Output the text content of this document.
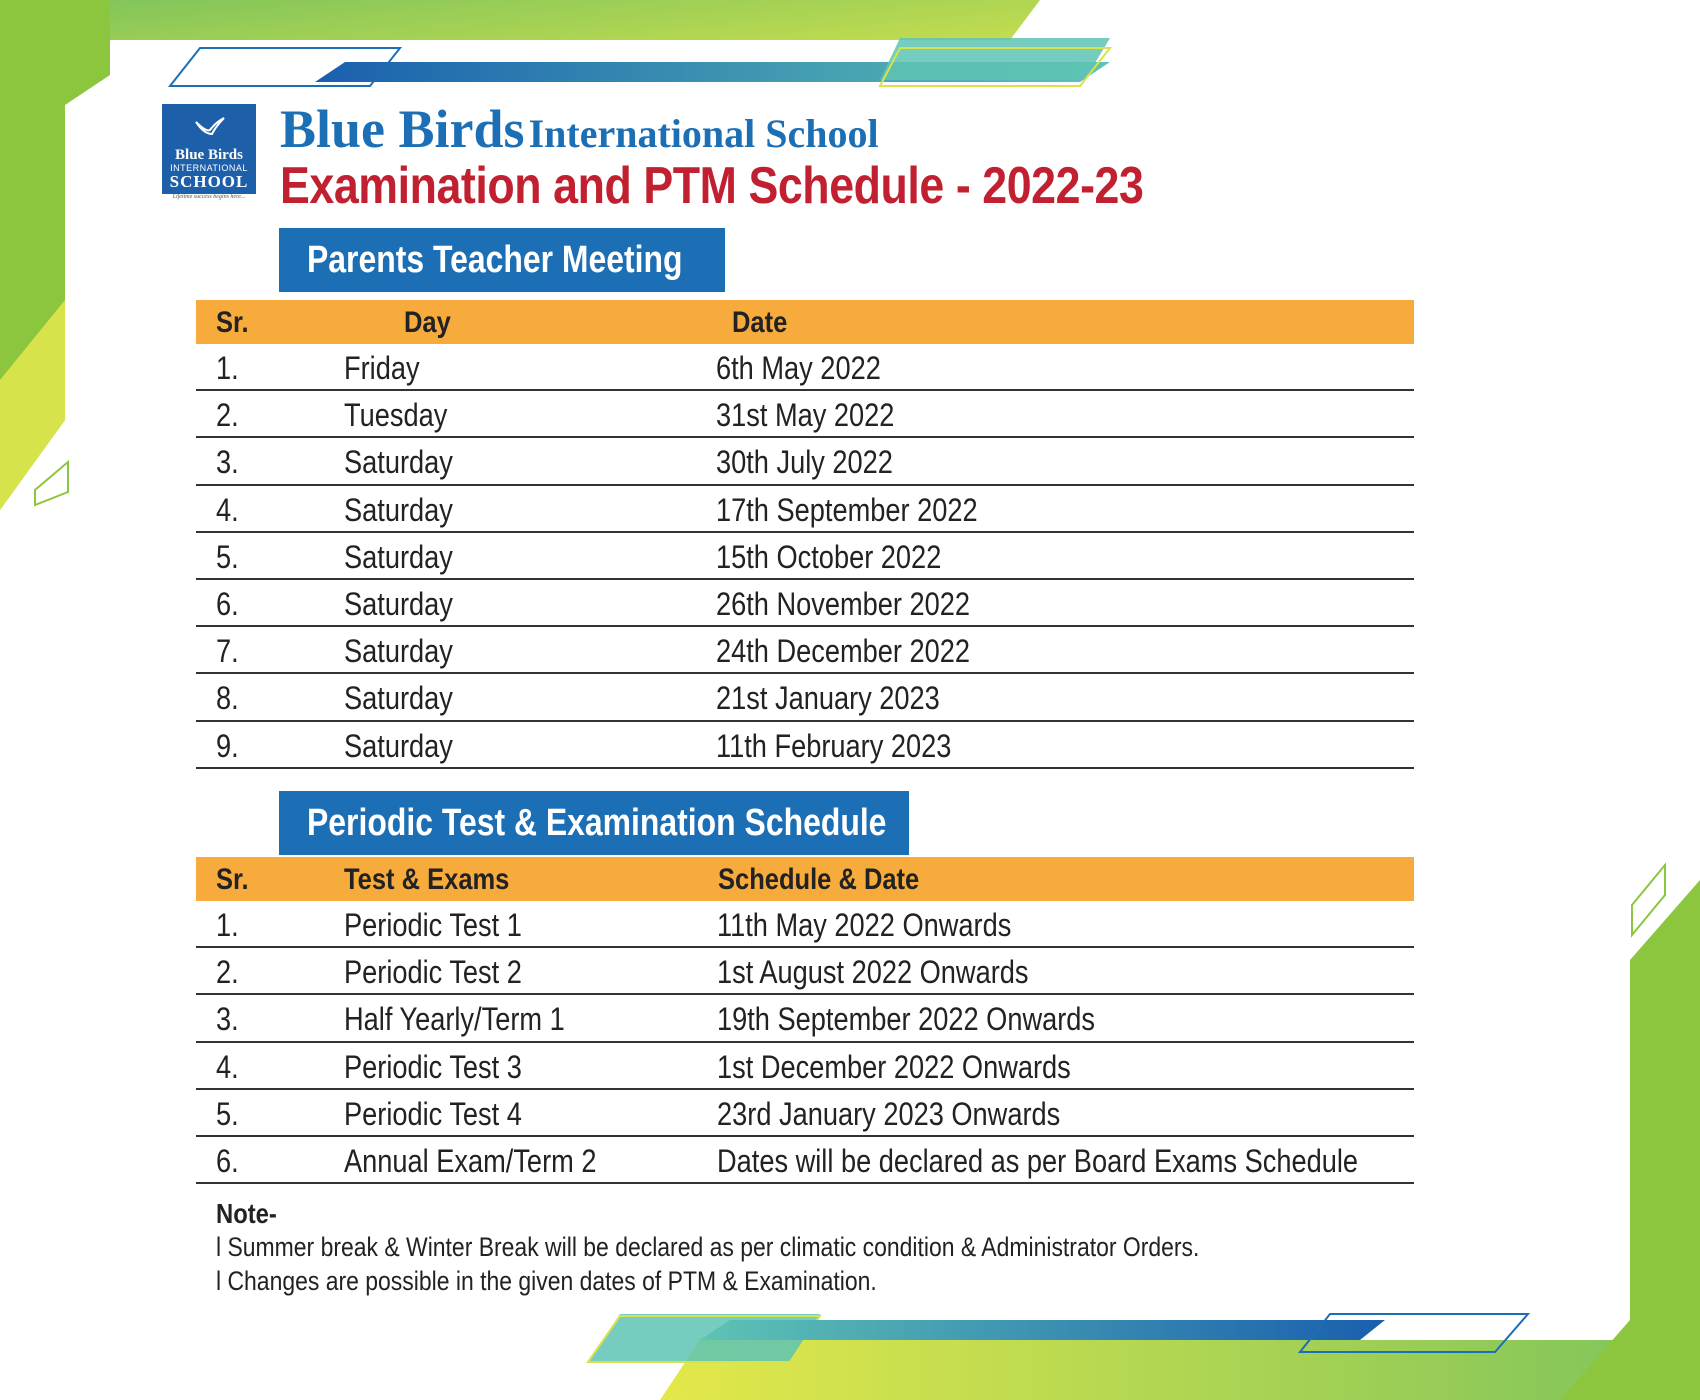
Blue Birds
INTERNATIONAL
SCHOOL
Lifetime success begins here...
Blue Birds International School
Examination and PTM Schedule - 2022-23
Parents Teacher Meeting
Sr.	Day	Date
1.	Friday	6th May 2022
2.	Tuesday	31st May 2022
3.	Saturday	30th July 2022
4.	Saturday	17th September 2022
5.	Saturday	15th October 2022
6.	Saturday	26th November 2022
7.	Saturday	24th December 2022
8.	Saturday	21st January 2023
9.	Saturday	11th February 2023
Periodic Test & Examination Schedule
Sr.	Test & Exams	Schedule & Date
1.	Periodic Test 1	11th May 2022 Onwards
2.	Periodic Test 2	1st August 2022 Onwards
3.	Half Yearly/Term 1	19th September 2022 Onwards
4.	Periodic Test 3	1st December 2022 Onwards
5.	Periodic Test 4	23rd January 2023 Onwards
6.	Annual Exam/Term 2	Dates will be declared as per Board Exams Schedule
Note-
l Summer break & Winter Break will be declared as per climatic condition & Administrator Orders.
l Changes are possible in the given dates of PTM & Examination.
